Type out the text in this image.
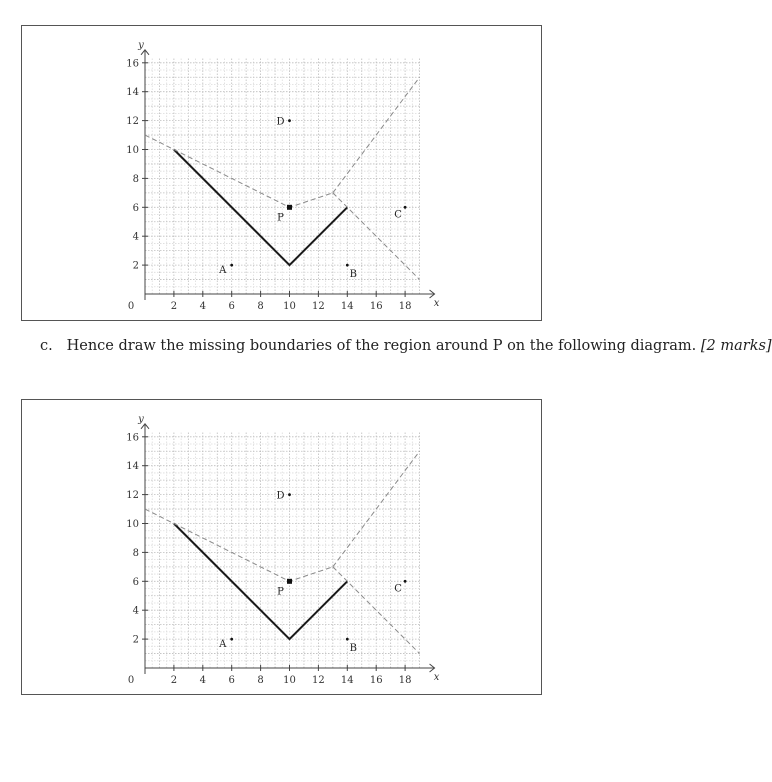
2 4 6 8 10 12 14 16 18
2
4
6
8
10
12
14
16
0	x
y
A	B
C
D
P
c. Hence draw the missing boundaries of the region around P on the following diagram. [2 marks]
2 4 6 8 10 12 14 16 18
2
4
6
8
10
12
14
16
0	x
y
A	B
C
D
P
